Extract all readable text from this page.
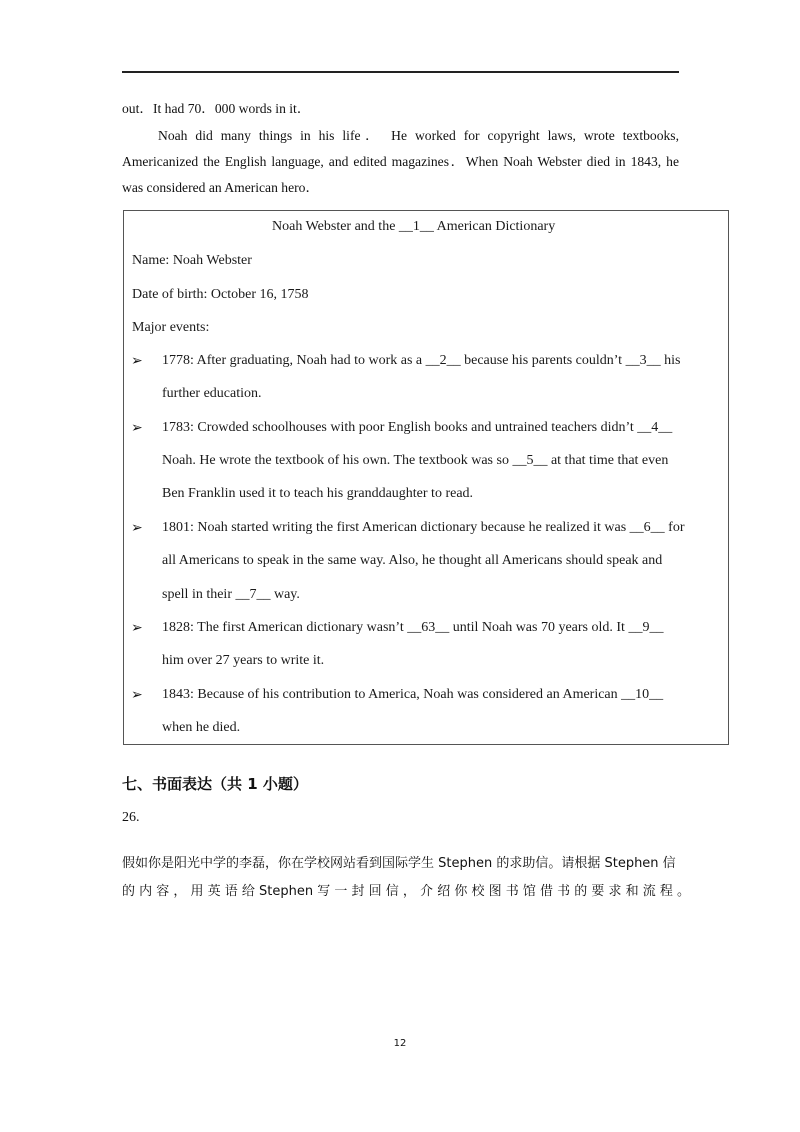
out．It had 70．000 words in it．
Noah did many things in his life． He worked for copyright laws, wrote textbooks,
Americanized the English language, and edited magazines．When Noah Webster died in 1843, he
was considered an American hero．
Noah Webster and the __1__ American Dictionary
Name: Noah Webster
Date of birth: October 16, 1758
Major events:
➢ 1778: After graduating, Noah had to work as a __2__ because his parents couldn’t __3__ his
further education.
➢ 1783: Crowded schoolhouses with poor English books and untrained teachers didn’t __4__
Noah. He wrote the textbook of his own. The textbook was so __5__ at that time that even
Ben Franklin used it to teach his granddaughter to read.
➢ 1801: Noah started writing the first American dictionary because he realized it was __6__ for
all Americans to speak in the same way. Also, he thought all Americans should speak and
spell in their __7__ way.
➢ 1828: The first American dictionary wasn’t __63__ until Noah was 70 years old. It __9__
him over 27 years to write it.
➢ 1843: Because of his contribution to America, Noah was considered an American __10__
when he died.
七、书面表达（共 1 小题）
26.
假如你是阳光中学的李磊，你在学校网站看到国际学生 Stephen 的求助信。请根据 Stephen 信
的 内 容 ， 用 英 语 给 Stephen 写 一 封 回 信 ， 介 绍 你 校 图 书 馆 借 书 的 要 求 和 流 程 。
12
